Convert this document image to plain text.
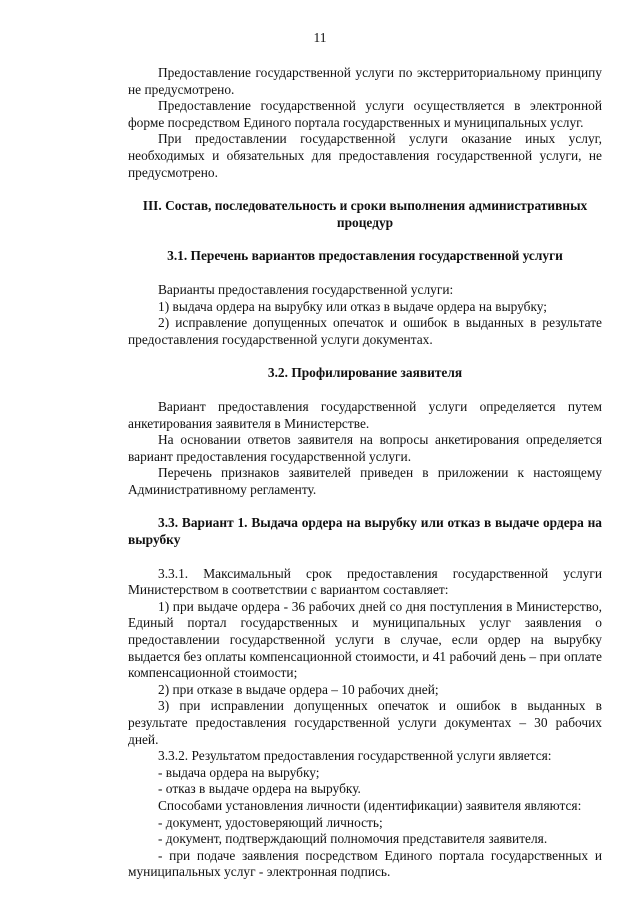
11

Предоставление государственной услуги по экстерриториальному принципу не предусмотрено.

Предоставление государственной услуги осуществляется в электронной форме посредством Единого портала государственных и муниципальных услуг.

При предоставлении государственной услуги оказание иных услуг, необходимых и обязательных для предоставления государственной услуги, не предусмотрено.

III. Состав, последовательность и сроки выполнения административных процедур

3.1. Перечень вариантов предоставления государственной услуги

Варианты предоставления государственной услуги:

1) выдача ордера на вырубку или отказ в выдаче ордера на вырубку;

2) исправление допущенных опечаток и ошибок в выданных в результате предоставления государственной услуги документах.

3.2. Профилирование заявителя

Вариант предоставления государственной услуги определяется путем анкетирования заявителя в Министерстве.

На основании ответов заявителя на вопросы анкетирования определяется вариант предоставления государственной услуги.

Перечень признаков заявителей приведен в приложении к настоящему Административному регламенту.

3.3. Вариант 1. Выдача ордера на вырубку или отказ в выдаче ордера на вырубку

3.3.1. Максимальный срок предоставления государственной услуги Министерством в соответствии с вариантом составляет:

1) при выдаче ордера - 36 рабочих дней со дня поступления в Министерство, Единый портал государственных и муниципальных услуг заявления о предоставлении государственной услуги в случае, если ордер на вырубку выдается без оплаты компенсационной стоимости, и 41 рабочий день – при оплате компенсационной стоимости;

2) при отказе в выдаче ордера – 10 рабочих дней;

3) при исправлении допущенных опечаток и ошибок в выданных в результате предоставления государственной услуги документах – 30 рабочих дней.

3.3.2. Результатом предоставления государственной услуги является:

- выдача ордера на вырубку;

- отказ в выдаче ордера на вырубку.

Способами установления личности (идентификации) заявителя являются:

- документ, удостоверяющий личность;

- документ, подтверждающий полномочия представителя заявителя.

- при подаче заявления посредством Единого портала государственных и муниципальных услуг - электронная подпись.
